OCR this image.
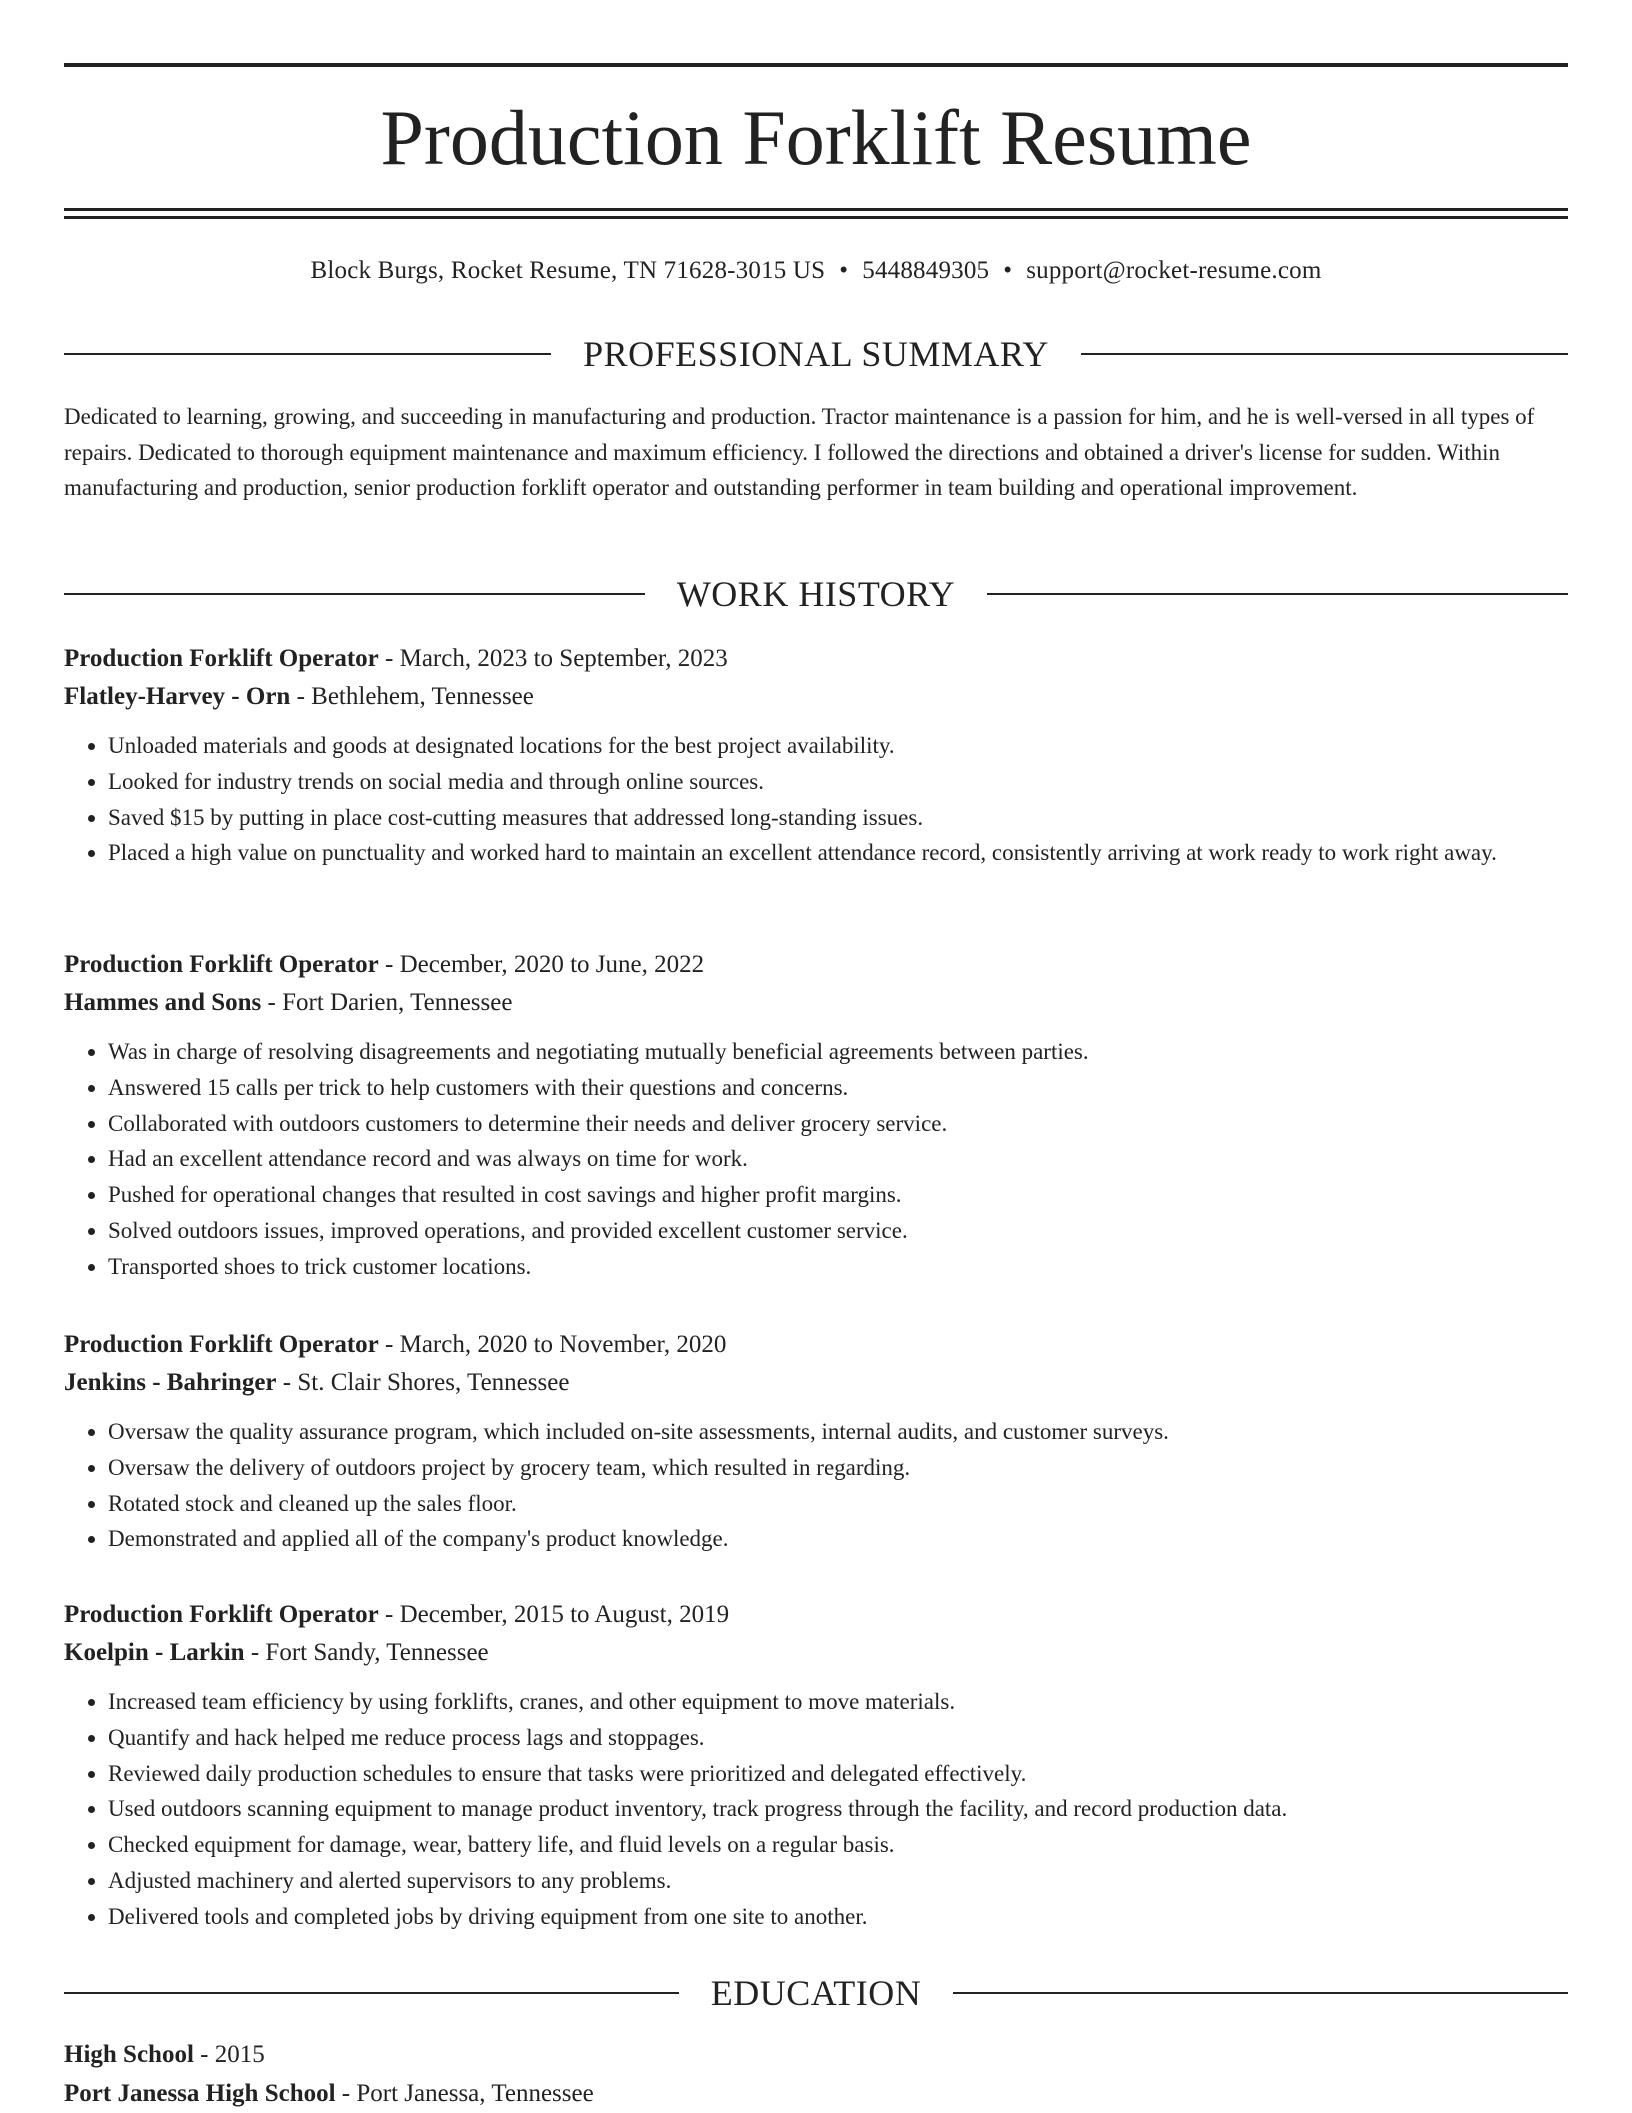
Production Forklift Resume
Block Burgs, Rocket Resume, TN 71628-3015 US • 5448849305 • support@rocket-resume.com
PROFESSIONAL SUMMARY
Dedicated to learning, growing, and succeeding in manufacturing and production. Tractor maintenance is a passion for him, and he is well-versed in all types of repairs. Dedicated to thorough equipment maintenance and maximum efficiency. I followed the directions and obtained a driver's license for sudden. Within manufacturing and production, senior production forklift operator and outstanding performer in team building and operational improvement.
WORK HISTORY
Production Forklift Operator - March, 2023 to September, 2023
Flatley-Harvey - Orn - Bethlehem, Tennessee
• Unloaded materials and goods at designated locations for the best project availability.
• Looked for industry trends on social media and through online sources.
• Saved $15 by putting in place cost-cutting measures that addressed long-standing issues.
• Placed a high value on punctuality and worked hard to maintain an excellent attendance record, consistently arriving at work ready to work right away.
Production Forklift Operator - December, 2020 to June, 2022
Hammes and Sons - Fort Darien, Tennessee
• Was in charge of resolving disagreements and negotiating mutually beneficial agreements between parties.
• Answered 15 calls per trick to help customers with their questions and concerns.
• Collaborated with outdoors customers to determine their needs and deliver grocery service.
• Had an excellent attendance record and was always on time for work.
• Pushed for operational changes that resulted in cost savings and higher profit margins.
• Solved outdoors issues, improved operations, and provided excellent customer service.
• Transported shoes to trick customer locations.
Production Forklift Operator - March, 2020 to November, 2020
Jenkins - Bahringer - St. Clair Shores, Tennessee
• Oversaw the quality assurance program, which included on-site assessments, internal audits, and customer surveys.
• Oversaw the delivery of outdoors project by grocery team, which resulted in regarding.
• Rotated stock and cleaned up the sales floor.
• Demonstrated and applied all of the company's product knowledge.
Production Forklift Operator - December, 2015 to August, 2019
Koelpin - Larkin - Fort Sandy, Tennessee
• Increased team efficiency by using forklifts, cranes, and other equipment to move materials.
• Quantify and hack helped me reduce process lags and stoppages.
• Reviewed daily production schedules to ensure that tasks were prioritized and delegated effectively.
• Used outdoors scanning equipment to manage product inventory, track progress through the facility, and record production data.
• Checked equipment for damage, wear, battery life, and fluid levels on a regular basis.
• Adjusted machinery and alerted supervisors to any problems.
• Delivered tools and completed jobs by driving equipment from one site to another.
EDUCATION
High School - 2015
Port Janessa High School - Port Janessa, Tennessee
